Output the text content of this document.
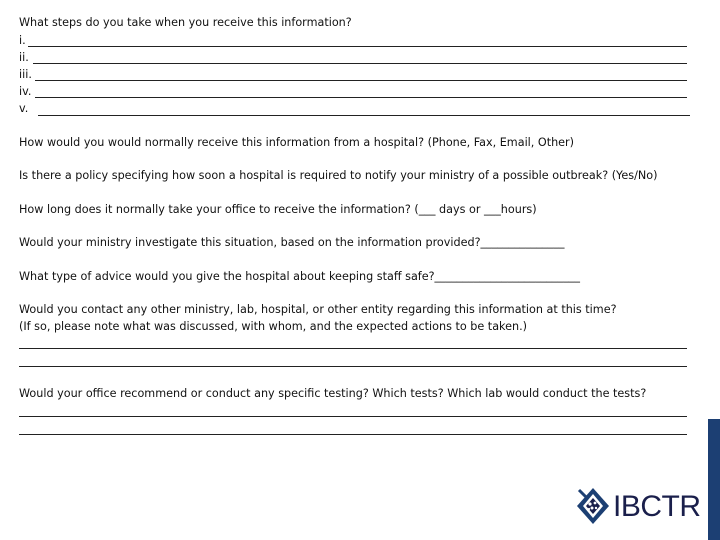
What steps do you take when you receive this information?
i.
ii.
iii.
iv.
v.
How would you would normally receive this information from a hospital? (Phone, Fax, Email, Other)
Is there a policy specifying how soon a hospital is required to notify your ministry of a possible outbreak? (Yes/No)
How long does it normally take your office to receive the information? (___ days or ___hours)
Would your ministry investigate this situation, based on the information provided?_______________
What type of advice would you give the hospital about keeping staff safe?__________________________
Would you contact any other ministry, lab, hospital, or other entity regarding this information at this time?
(If so, please note what was discussed, with whom, and the expected actions to be taken.)
Would your office recommend or conduct any specific testing? Which tests? Which lab would conduct the tests?
IBCTR
